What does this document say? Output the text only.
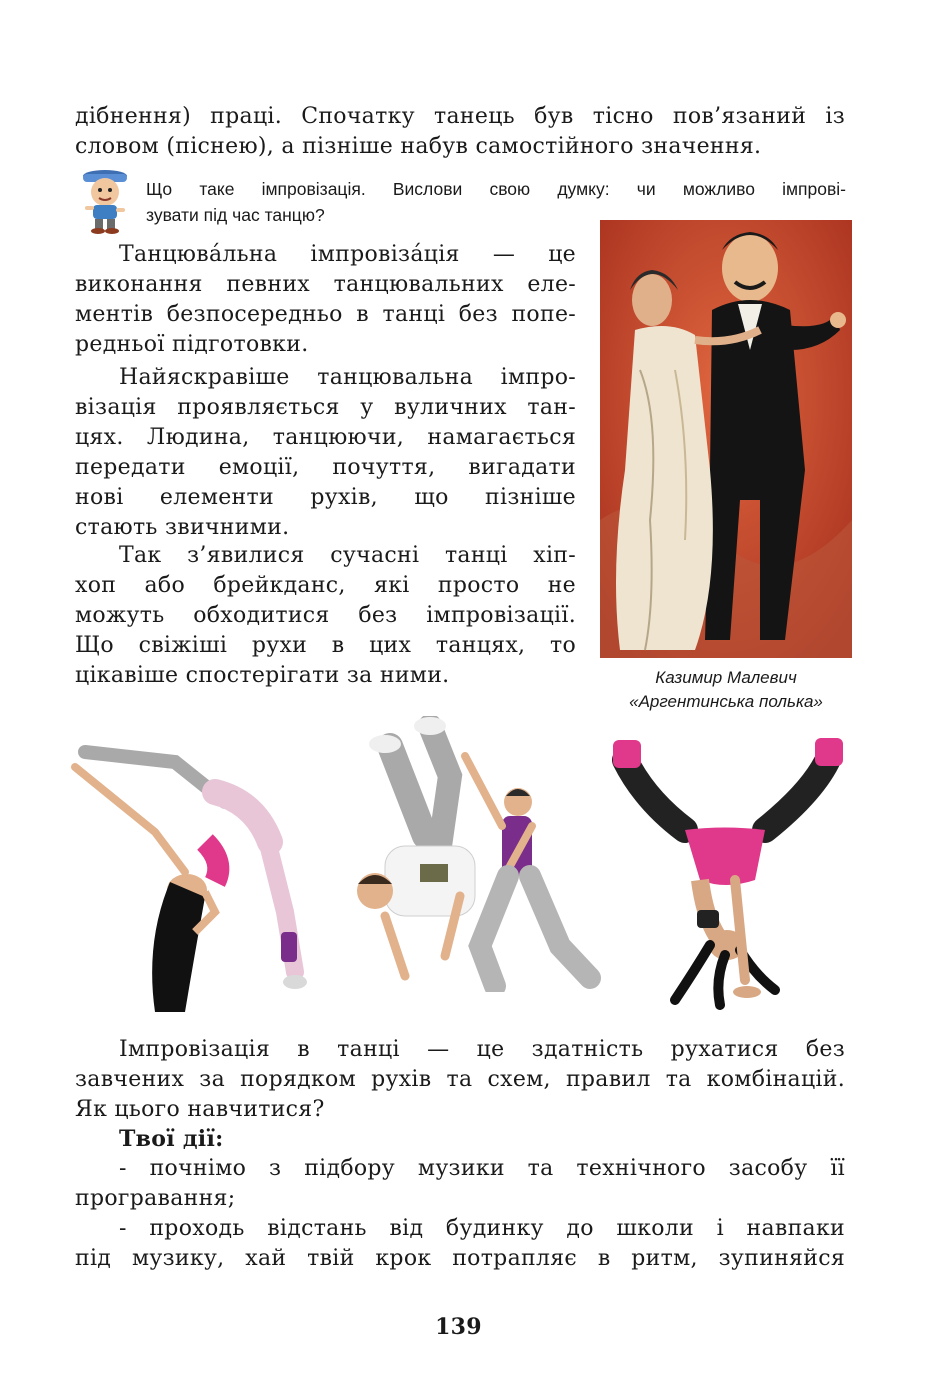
дібнення) праці. Спочатку танець був тісно пов’язаний із

словом (піснею), а пізніше набув самостійного значення.

Що таке імпровізація. Вислови свою думку: чи можливо імпрові-
зувати під час танцю?
Танцюва́льна імпровіза́ція — це
виконання певних танцювальних еле-
ментів безпосередньо в танці без попе-
редньої підготовки.
Найяскравіше танцювальна імпро-
візація проявляється у вуличних тан-
цях. Людина, танцюючи, намагається
передати емоції, почуття, вигадати
нові елементи рухів, що пізніше
стають звичними.
Так з’явилися сучасні танці хіп-
хоп або брейкданс, які просто не
можуть обходитися без імпровізації.
Що свіжіші рухи в цих танцях, то
цікавіше спостерігати за ними.	Казимир Малевич
«Аргентинська полька»
Імпровізація в танці — це здатність рухатися без
завчених за порядком рухів та схем, правил та комбінацій.
Як цього навчитися?
Твої дії:
- почнімо з підбору музики та технічного засобу її
програвання;
- проходь відстань від будинку до школи і навпаки
під музику, хай твій крок потрапляє в ритм, зупиняйся
139
